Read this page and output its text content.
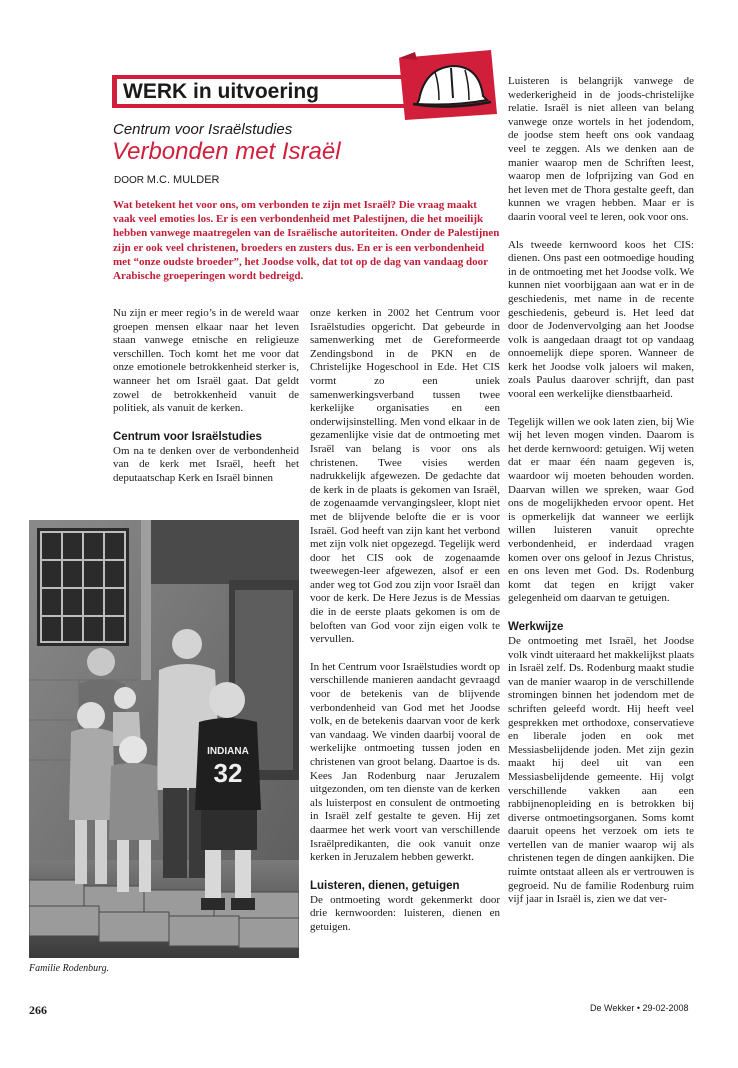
WERK in uitvoering
Centrum voor Israëlstudies
Verbonden met Israël
DOOR M.C. MULDER
Wat betekent het voor ons, om verbonden te zijn met Israël? Die vraag maakt vaak veel emoties los. Er is een verbondenheid met Palestijnen, die het moeilijk hebben vanwege maatregelen van de Israëlische autoriteiten. Onder de Palestijnen zijn er ook veel christenen, broeders en zusters dus. En er is een verbondenheid met “onze oudste broeder”, het Joodse volk, dat tot op de dag van vandaag door Arabische groeperingen wordt bedreigd.

Nu zijn er meer regio’s in de wereld waar groepen mensen elkaar naar het leven staan vanwege etnische en religieuze verschillen. Toch komt het me voor dat onze emotionele betrokkenheid sterker is, wanneer het om Israël gaat. Dat geldt zowel de betrokkenheid vanuit de politiek, als vanuit de kerken.

Centrum voor Israëlstudies

Om na te denken over de verbondenheid van de kerk met Israël, heeft het deputaatschap Kerk en Israël binnen

INDIANA
32
Familie Rodenburg.

onze kerken in 2002 het Centrum voor Israëlstudies opgericht. Dat gebeurde in samenwerking met de Gereformeerde Zendingsbond in de PKN en de Christelijke Hogeschool in Ede. Het CIS vormt zo een uniek samenwerkingsverband tussen twee kerkelijke organisaties en een onderwijsinstelling. Men vond elkaar in de gezamenlijke visie dat de ontmoeting met Israël van belang is voor ons als christenen. Twee visies werden nadrukkelijk afgewezen. De gedachte dat de kerk in de plaats is gekomen van Israël, de zogenaamde vervangingsleer, klopt niet met de blijvende belofte die er is voor Israël. God heeft van zijn kant het verbond met zijn volk niet opgezegd. Tegelijk werd door het CIS ook de zogenaamde tweewegen-leer afgewezen, alsof er een ander weg tot God zou zijn voor Israël dan voor de kerk. De Here Jezus is de Messias die in de eerste plaats gekomen is om de beloften van God voor zijn eigen volk te vervullen.

In het Centrum voor Israëlstudies wordt op verschillende manieren aandacht gevraagd voor de betekenis van de blijvende verbondenheid van God met het Joodse volk, en de betekenis daarvan voor de kerk van vandaag. We vinden daarbij vooral de werkelijke ontmoeting tussen joden en christenen van groot belang. Daartoe is ds. Kees Jan Rodenburg naar Jeruzalem uitgezonden, om ten dienste van de kerken als luisterpost en consulent de ontmoeting in Israël zelf gestalte te geven. Hij zet daarmee het werk voort van verschillende Israëlpredikanten, die ook vanuit onze kerken in Jeruzalem hebben gewerkt.

Luisteren, dienen, getuigen

De ontmoeting wordt gekenmerkt door drie kernwoorden: luisteren, dienen en getuigen.

Luisteren is belangrijk vanwege de wederkerigheid in de joods-christelijke relatie. Israël is niet alleen van belang vanwege onze wortels in het jodendom, de joodse stem heeft ons ook vandaag veel te zeggen. Als we denken aan de manier waarop men de Schriften leest, waarop men de lofprijzing van God en het leven met de Thora gestalte geeft, dan kunnen we vragen hebben. Maar er is daarin vooral veel te leren, ook voor ons.

Als tweede kernwoord koos het CIS: dienen. Ons past een ootmoedige houding in de ontmoeting met het Joodse volk. We kunnen niet voorbijgaan aan wat er in de geschiedenis, met name in de recente geschiedenis, gebeurd is. Het leed dat door de Jodenvervolging aan het Joodse volk is aangedaan draagt tot op vandaag onnoemelijk diepe sporen. Wanneer de kerk het Joodse volk jaloers wil maken, zoals Paulus daarover schrijft, dan past vooral een werkelijke dienstbaarheid.

Tegelijk willen we ook laten zien, bij Wie wij het leven mogen vinden. Daarom is het derde kernwoord: getuigen. Wij weten dat er maar één naam gegeven is, waardoor wij moeten behouden worden. Daarvan willen we spreken, waar God ons de mogelijkheden ervoor opent. Het is opmerkelijk dat wanneer we eerlijk willen luisteren vanuit oprechte verbondenheid, er inderdaad vragen komen over ons geloof in Jezus Christus, en ons leven met God. Ds. Rodenburg komt dat tegen en krijgt vaker gelegenheid om daarvan te getuigen.

Werkwijze

De ontmoeting met Israël, het Joodse volk vindt uiteraard het makkelijkst plaats in Israël zelf. Ds. Rodenburg maakt studie van de manier waarop in de verschillende stromingen binnen het jodendom met de schriften geleefd wordt. Hij heeft veel gesprekken met orthodoxe, conservatieve en liberale joden en ook met Messiasbelijdende joden. Met zijn gezin maakt hij deel uit van een Messiasbelijdende gemeente. Hij volgt verschillende vakken aan een rabbijnenopleiding en is betrokken bij diverse ontmoetingsorganen. Soms komt daaruit opeens het verzoek om iets te vertellen van de manier waarop wij als christenen tegen de dingen aankijken. Die ruimte ontstaat alleen als er vertrouwen is gegroeid. Nu de familie Rodenburg ruim vijf jaar in Israël is, zien we dat ver-

266	De Wekker • 29-02-2008
